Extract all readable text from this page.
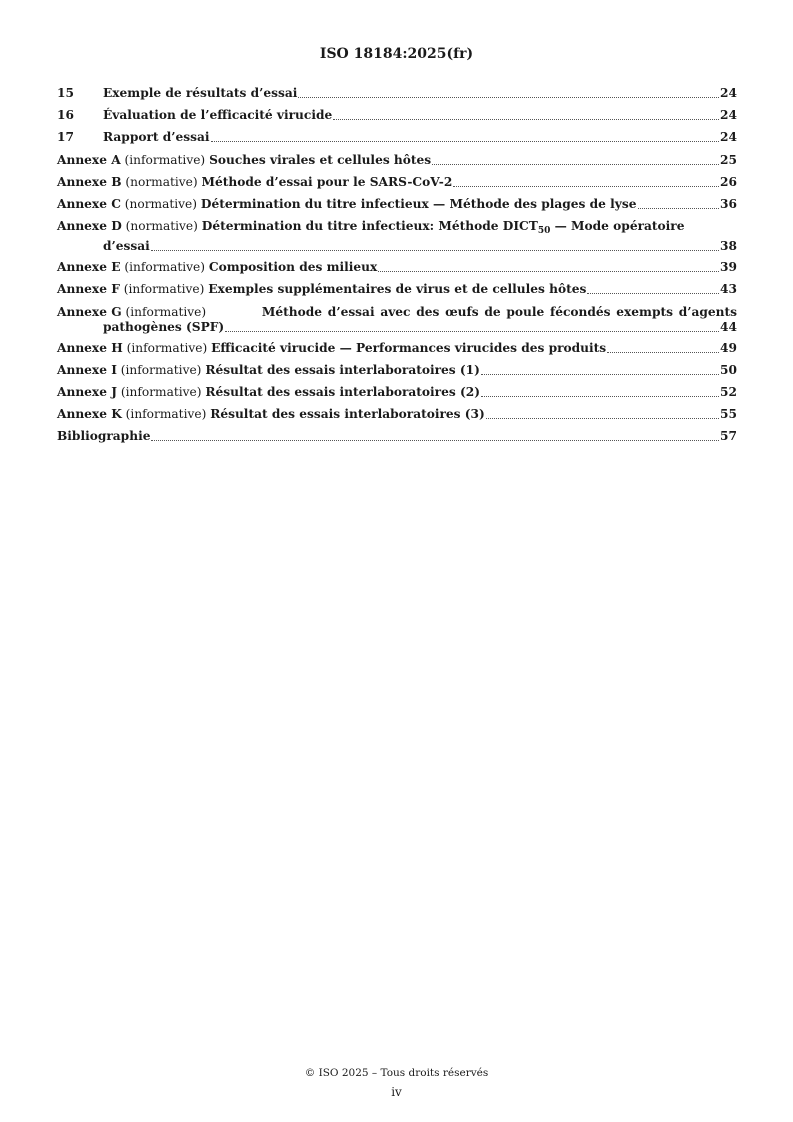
ISO 18184:2025(fr)
15	Exemple de résultats d’essai	24
16	Évaluation de l’efficacité virucide	24
17	Rapport d’essai	24
Annexe A (informative) Souches virales et cellules hôtes	25
Annexe B (normative) Méthode d’essai pour le SARS-CoV-2	26
Annexe C (normative) Détermination du titre infectieux — Méthode des plages de lyse	36
Annexe D (normative) Détermination du titre infectieux: Méthode $DICT_{50}$ — Mode opératoire
d’essai	38
Annexe E (informative) Composition des milieux	39
Annexe F (informative) Exemples supplémentaires de virus et de cellules hôtes	43
Annexe G (informative)	Méthode d’essai avec des œufs de poule fécondés exempts d’agents
pathogènes (SPF)	44
Annexe H (informative) Efficacité virucide — Performances virucides des produits	49
Annexe I (informative) Résultat des essais interlaboratoires (1)	50
Annexe J (informative) Résultat des essais interlaboratoires (2)	52
Annexe K (informative) Résultat des essais interlaboratoires (3)	55
Bibliographie	57
© ISO 2025 – Tous droits réservés
iv
